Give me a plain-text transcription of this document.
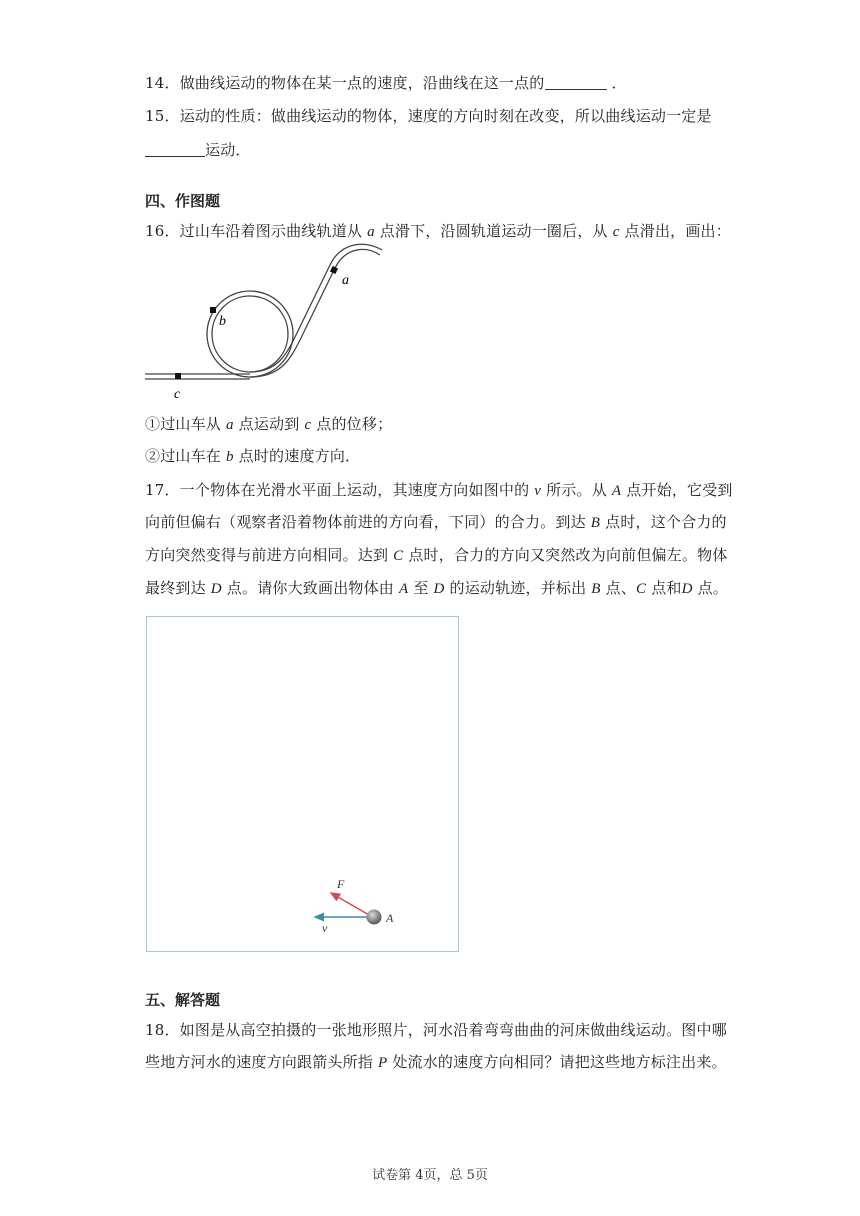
14．做曲线运动的物体在某一点的速度，沿曲线在这一点的	．
15．运动的性质：做曲线运动的物体，速度的方向时刻在改变，所以曲线运动一定是
运动．
四、作图题
16．过山车沿着图示曲线轨道从 a 点滑下，沿圆轨道运动一圈后，从 c 点滑出，画出：
a
b
c
①过山车从 a 点运动到 c 点的位移；
②过山车在 b 点时的速度方向．
17．一个物体在光滑水平面上运动，其速度方向如图中的 v 所示。从 A 点开始，它受到
向前但偏右（观察者沿着物体前进的方向看，下同）的合力。到达 B 点时，这个合力的
方向突然变得与前进方向相同。达到 C 点时，合力的方向又突然改为向前但偏左。物体
最终到达 D 点。请你大致画出物体由 A 至 D 的运动轨迹，并标出 B 点、C 点和D 点。
F
v
A
五、解答题
18．如图是从高空拍摄的一张地形照片，河水沿着弯弯曲曲的河床做曲线运动。图中哪
些地方河水的速度方向跟箭头所指 P 处流水的速度方向相同？请把这些地方标注出来。
试卷第 4页，总 5页
